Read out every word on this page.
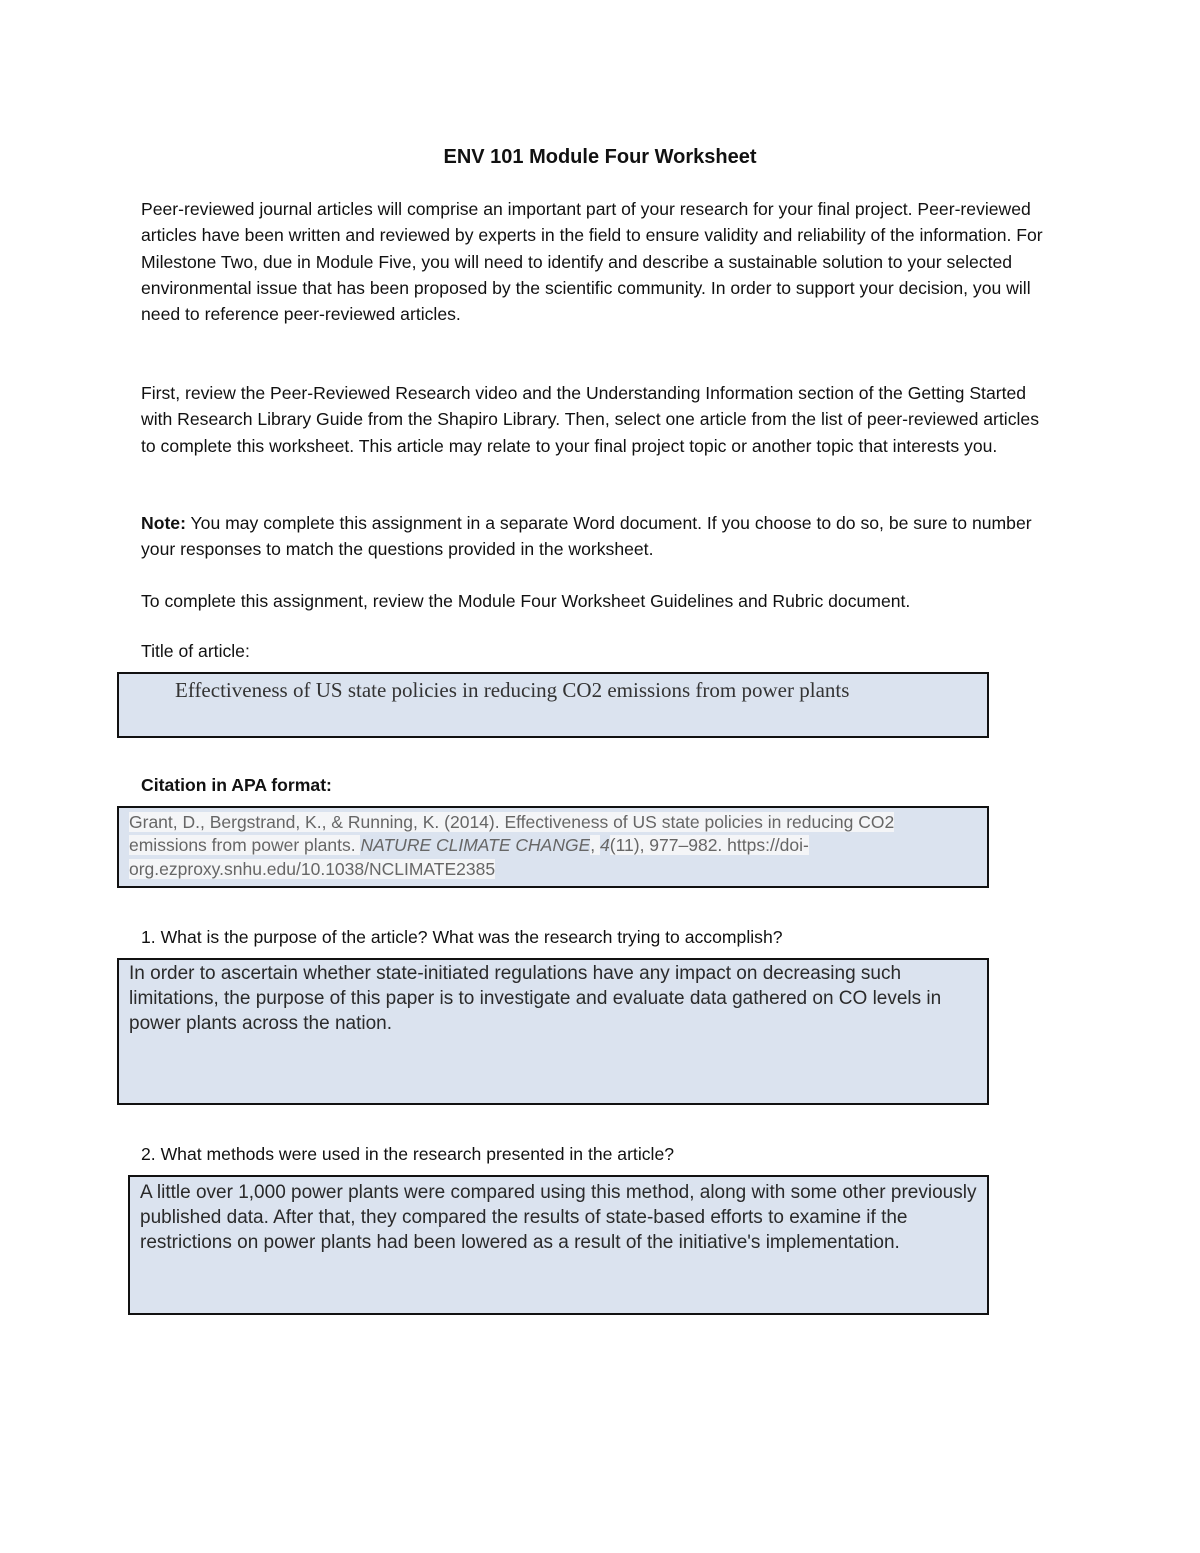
ENV 101 Module Four Worksheet

Peer-reviewed journal articles will comprise an important part of your research for your final project. Peer-reviewed articles have been written and reviewed by experts in the field to ensure validity and reliability of the information. For Milestone Two, due in Module Five, you will need to identify and describe a sustainable solution to your selected environmental issue that has been proposed by the scientific community. In order to support your decision, you will need to reference peer-reviewed articles.

First, review the Peer-Reviewed Research video and the Understanding Information section of the Getting Started with Research Library Guide from the Shapiro Library. Then, select one article from the list of peer-reviewed articles to complete this worksheet. This article may relate to your final project topic or another topic that interests you.

Note: You may complete this assignment in a separate Word document. If you choose to do so, be sure to number your responses to match the questions provided in the worksheet.

To complete this assignment, review the Module Four Worksheet Guidelines and Rubric document.

Title of article:
Effectiveness of US state policies in reducing CO2 emissions from power plants
Citation in APA format:
Grant, D., Bergstrand, K., & Running, K. (2014). Effectiveness of US state policies in reducing CO2 emissions from power plants. NATURE CLIMATE CHANGE, 4(11), 977–982. https://doi-org.ezproxy.snhu.edu/10.1038/NCLIMATE2385
1. What is the purpose of the article? What was the research trying to accomplish?
In order to ascertain whether state-initiated regulations have any impact on decreasing such limitations, the purpose of this paper is to investigate and evaluate data gathered on CO levels in power plants across the nation.
2. What methods were used in the research presented in the article?
A little over 1,000 power plants were compared using this method, along with some other previously published data. After that, they compared the results of state-based efforts to examine if the restrictions on power plants had been lowered as a result of the initiative's implementation.
